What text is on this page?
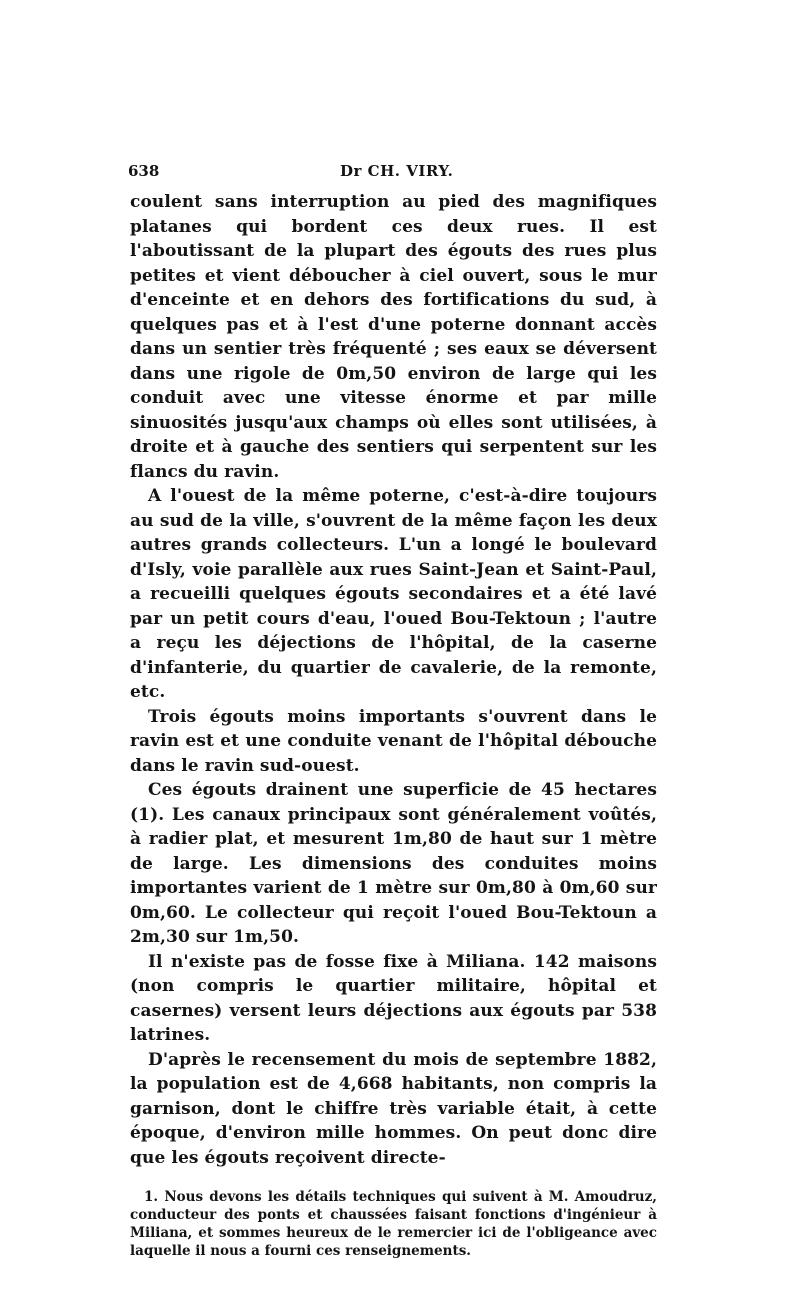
638	Dr CH. VIRY.

coulent sans interruption au pied des magnifiques platanes qui bordent ces deux rues. Il est l'aboutissant de la plupart des égouts des rues plus petites et vient déboucher à ciel ouvert, sous le mur d'enceinte et en dehors des fortifications du sud, à quelques pas et à l'est d'une poterne donnant accès dans un sentier très fréquenté ; ses eaux se déversent dans une rigole de 0m,50 environ de large qui les conduit avec une vitesse énorme et par mille sinuosités jusqu'aux champs où elles sont utilisées, à droite et à gauche des sentiers qui serpentent sur les flancs du ravin.

A l'ouest de la même poterne, c'est-à-dire toujours au sud de la ville, s'ouvrent de la même façon les deux autres grands collecteurs. L'un a longé le boulevard d'Isly, voie parallèle aux rues Saint-Jean et Saint-Paul, a recueilli quelques égouts secondaires et a été lavé par un petit cours d'eau, l'oued Bou-Tektoun ; l'autre a reçu les déjections de l'hôpital, de la caserne d'infanterie, du quartier de cavalerie, de la remonte, etc.

Trois égouts moins importants s'ouvrent dans le ravin est et une conduite venant de l'hôpital débouche dans le ravin sud-ouest.

Ces égouts drainent une superficie de 45 hectares (1). Les canaux principaux sont généralement voûtés, à radier plat, et mesurent 1m,80 de haut sur 1 mètre de large. Les dimensions des conduites moins importantes varient de 1 mètre sur 0m,80 à 0m,60 sur 0m,60. Le collecteur qui reçoit l'oued Bou-Tektoun a 2m,30 sur 1m,50.

Il n'existe pas de fosse fixe à Miliana. 142 maisons (non compris le quartier militaire, hôpital et casernes) versent leurs déjections aux égouts par 538 latrines.

D'après le recensement du mois de septembre 1882, la population est de 4,668 habitants, non compris la garnison, dont le chiffre très variable était, à cette époque, d'environ mille hommes. On peut donc dire que les égouts reçoivent directe-

1. Nous devons les détails techniques qui suivent à M. Amoudruz, conducteur des ponts et chaussées faisant fonctions d'ingénieur à Miliana, et sommes heureux de le remercier ici de l'obligeance avec laquelle il nous a fourni ces renseignements.
